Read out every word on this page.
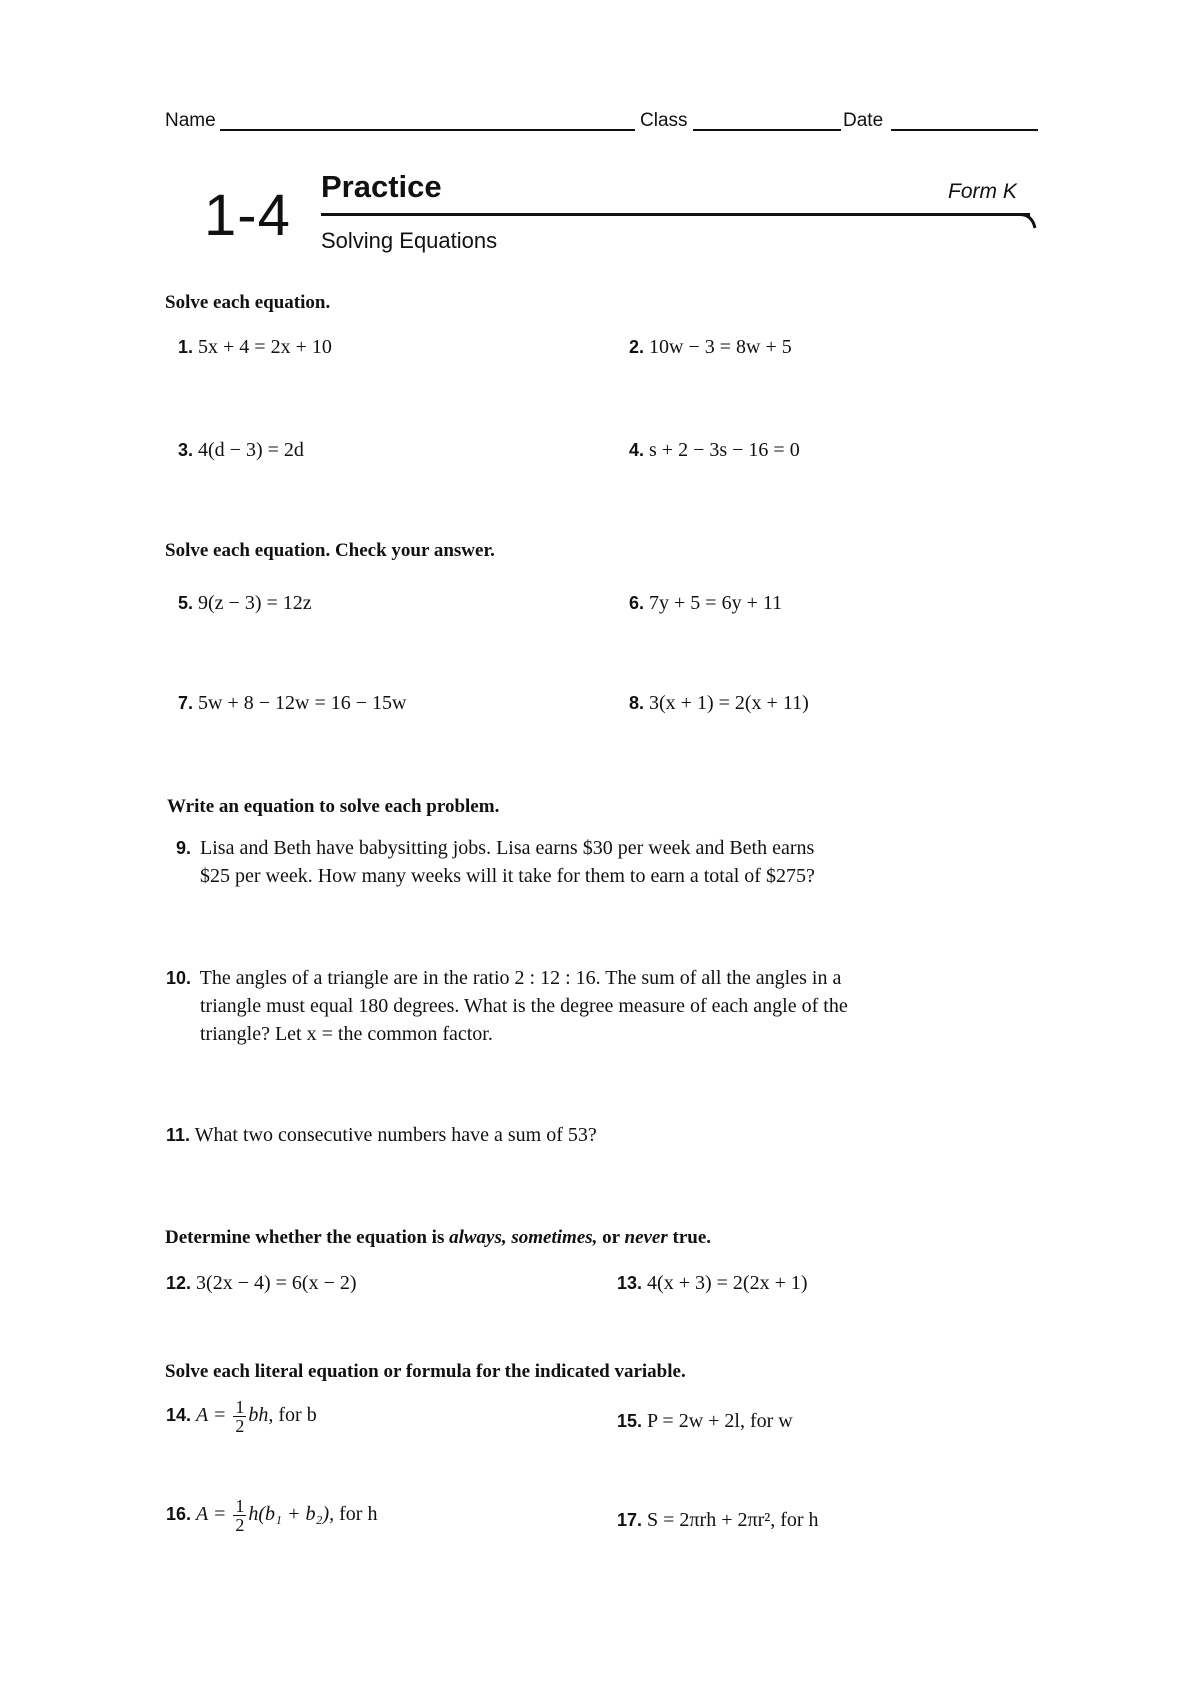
Name	Class	Date
1-4 Practice	Form K
Solving Equations
Solve each equation.
1. 5x + 4 = 2x + 10	2. 10w − 3 = 8w + 5
3. 4(d − 3) = 2d	4. s + 2 − 3s − 16 = 0
Solve each equation. Check your answer.
5. 9(z − 3) = 12z	6. 7y + 5 = 6y + 11
7. 5w + 8 − 12w = 16 − 15w	8. 3(x + 1) = 2(x + 11)
Write an equation to solve each problem.
9. Lisa and Beth have babysitting jobs. Lisa earns $30 per week and Beth earns
$25 per week. How many weeks will it take for them to earn a total of $275?
10. The angles of a triangle are in the ratio 2 : 12 : 16. The sum of all the angles in a
triangle must equal 180 degrees. What is the degree measure of each angle of the
triangle? Let x = the common factor.
11. What two consecutive numbers have a sum of 53?
Determine whether the equation is always, sometimes, or never true.
12. 3(2x − 4) = 6(x − 2)	13. 4(x + 3) = 2(2x + 1)
Solve each literal equation or formula for the indicated variable.
14. $A = \frac{1}{2}$ bh, for b	15. P = 2w + 2l, for w
16. $A = \frac{1}{2} h(b_1 + b_2)$, for h	17. S = 2πrh + 2πr², for h
